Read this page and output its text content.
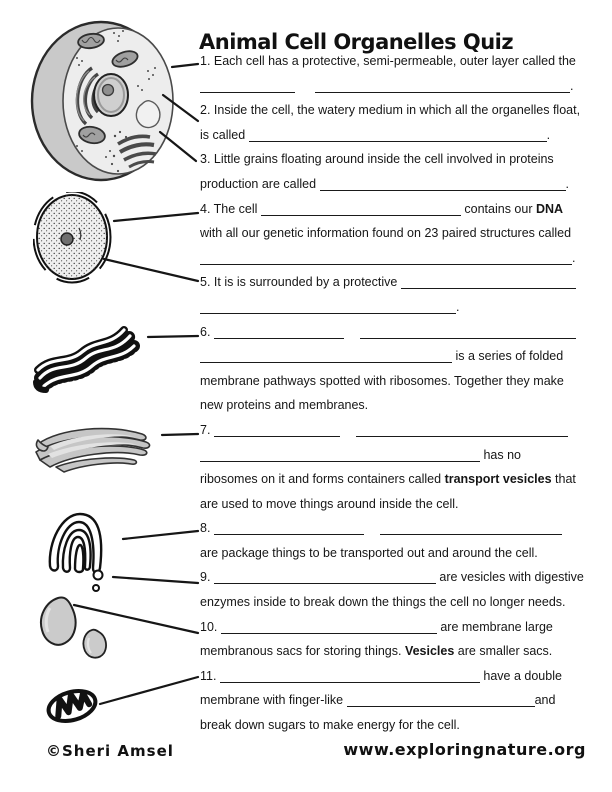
Animal Cell Organelles Quiz
1. Each cell has a protective, semi-permeable, outer layer called the
.
2. Inside the cell, the watery medium in which all the organelles float,
is called	.
3. Little grains floating around inside the cell involved in proteins
production are called	.
4. The cell	contains our DNA
with all our genetic information found on 23 paired structures called
.
5. It is is surrounded by a protective
.
6.
is a series of folded
membrane pathways spotted with ribosomes. Together they make
new proteins and membranes.
7.
has no
ribosomes on it and forms containers called transport vesicles that
are used to move things around inside the cell.
8.
are package things to be transported out and around the cell.
9.	are vesicles with digestive
enzymes inside to break down the things the cell no longer needs.
10.	are membrane large
membranous sacs for storing things. Vesicles are smaller sacs.
11.	have a double
membrane with finger-like	and
break down sugars to make energy for the cell.
©Sheri Amsel	www.exploringnature.org
